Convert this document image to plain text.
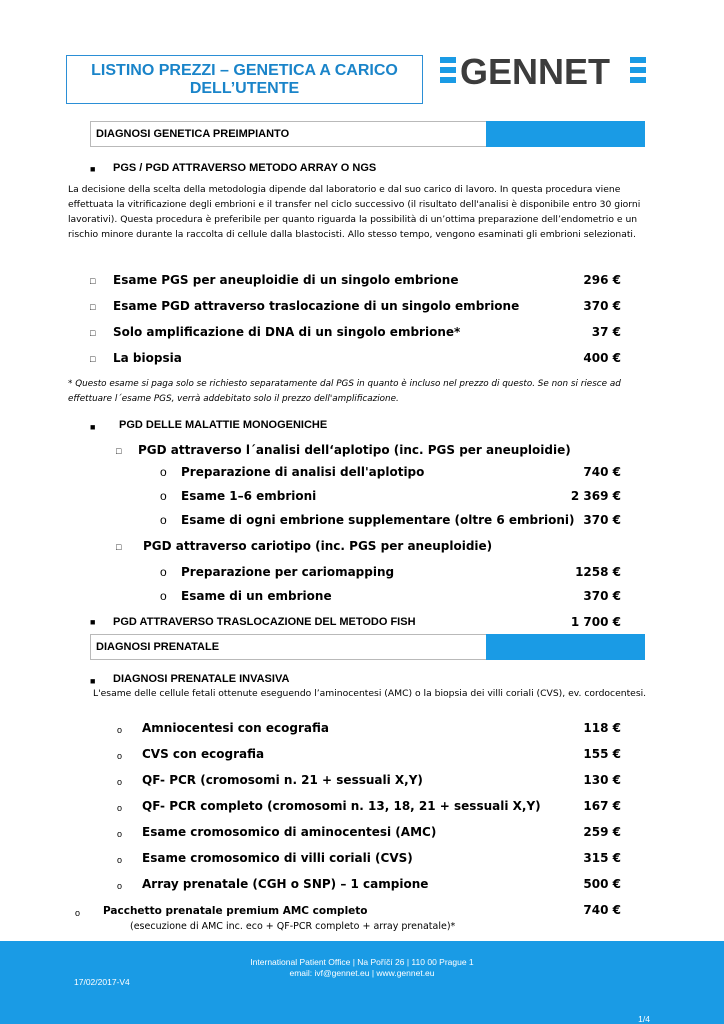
LISTINO PREZZI – GENETICA A CARICO
DELL’UTENTE	GENNET
DIAGNOSI GENETICA PREIMPIANTO
■ PGS / PGD ATTRAVERSO METODO ARRAY O NGS
La decisione della scelta della metodologia dipende dal laboratorio e dal suo carico di lavoro. In questa procedura viene
effettuata la vitrificazione degli embrioni e il transfer nel ciclo successivo (il risultato dell'analisi è disponibile entro 30 giorni
lavorativi). Questa procedura è preferibile per quanto riguarda la possibilità di un’ottima preparazione dell’endometrio e un
rischio minore durante la raccolta di cellule dalla blastocisti. Allo stesso tempo, vengono esaminati gli embrioni selezionati.
□ Esame PGS per aneuploidie di un singolo embrione	296 €
□ Esame PGD attraverso traslocazione di un singolo embrione	370 €
□ Solo amplificazione di DNA di un singolo embrione*	37 €
□ La biopsia	400 €
* Questo esame si paga solo se richiesto separatamente dal PGS in quanto è incluso nel prezzo di questo. Se non si riesce ad
effettuare l´esame PGS, verrà addebitato solo il prezzo dell'amplificazione.
■ PGD DELLE MALATTIE MONOGENICHE
□ PGD attraverso l´analisi dell‘aplotipo (inc. PGS per aneuploidie)
o Preparazione di analisi dell'aplotipo	740 €
o Esame 1–6 embrioni	2 369 €
o Esame di ogni embrione supplementare (oltre 6 embrioni) 370 €
□ PGD attraverso cariotipo (inc. PGS per aneuploidie)
o Preparazione per cariomapping	1258 €
o Esame di un embrione	370 €
■ PGD ATTRAVERSO TRASLOCAZIONE DEL METODO FISH	1 700 €
DIAGNOSI PRENATALE
■ DIAGNOSI PRENATALE INVASIVA
L'esame delle cellule fetali ottenute eseguendo l’aminocentesi (AMC) o la biopsia dei villi coriali (CVS), ev. cordocentesi.
o Amniocentesi con ecografia	118 €
o CVS con ecografia	155 €
o QF- PCR (cromosomi n. 21 + sessuali X,Y)	130 €
o QF- PCR completo (cromosomi n. 13, 18, 21 + sessuali X,Y)	167 €
o Esame cromosomico di aminocentesi (AMC)	259 €
o Esame cromosomico di villi coriali (CVS)	315 €
o Array prenatale (CGH o SNP) – 1 campione	500 €
o Pacchetto prenatale premium AMC completo	740 €
(esecuzione di AMC inc. eco + QF-PCR completo + array prenatale)*
International Patient Office | Na Poříčí 26 | 110 00 Prague 1
email: ivf@gennet.eu | www.gennet.eu
17/02/2017-V4
1/4
